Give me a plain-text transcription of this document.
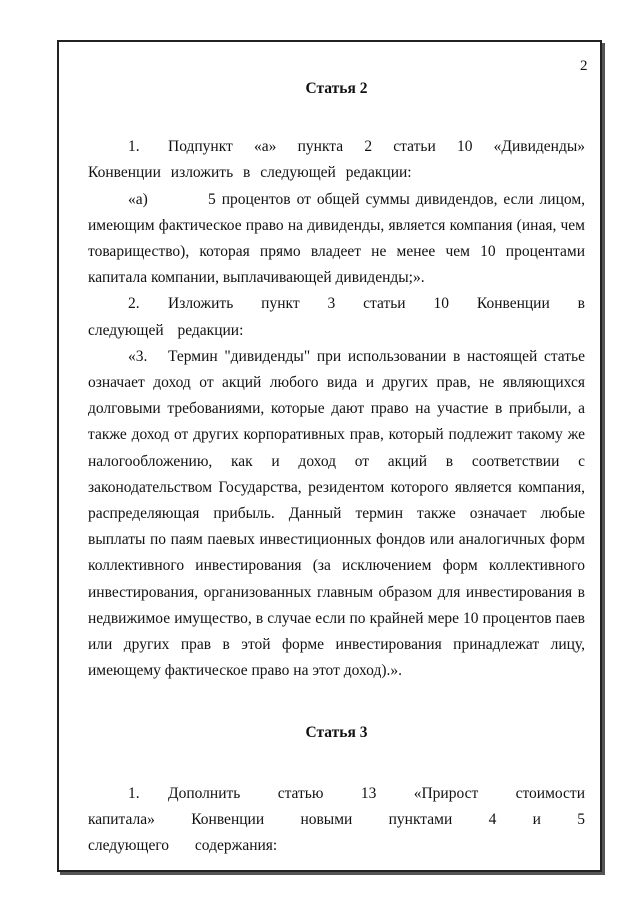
2
Статья 2

1. Подпункт «а» пункта 2 статьи 10 «Дивиденды» Конвенции изложить в следующей редакции:

«а)	5 процентов от общей суммы дивидендов, если лицом, имеющим фактическое право на дивиденды, является компания (иная, чем товарищество), которая прямо владеет не менее чем 10 процентами капитала компании, выплачивающей дивиденды;».

2. Изложить пункт 3 статьи 10 Конвенции в следующей редакции:

«3. Термин "дивиденды" при использовании в настоящей статье означает доход от акций любого вида и других прав, не являющихся долговыми требованиями, которые дают право на участие в прибыли, а также доход от других корпоративных прав, который подлежит такому же налогообложению, как и доход от акций в соответствии с законодательством Государства, резидентом которого является компания, распределяющая прибыль. Данный термин также означает любые выплаты по паям паевых инвестиционных фондов или аналогичных форм коллективного инвестирования (за исключением форм коллективного инвестирования, организованных главным образом для инвестирования в недвижимое имущество, в случае если по крайней мере 10 процентов паев или других прав в этой форме инвестирования принадлежат лицу, имеющему фактическое право на этот доход).».

Статья 3

1. Дополнить статью 13 «Прирост стоимости капитала» Конвенции новыми пунктами 4 и 5 следующего содержания:
